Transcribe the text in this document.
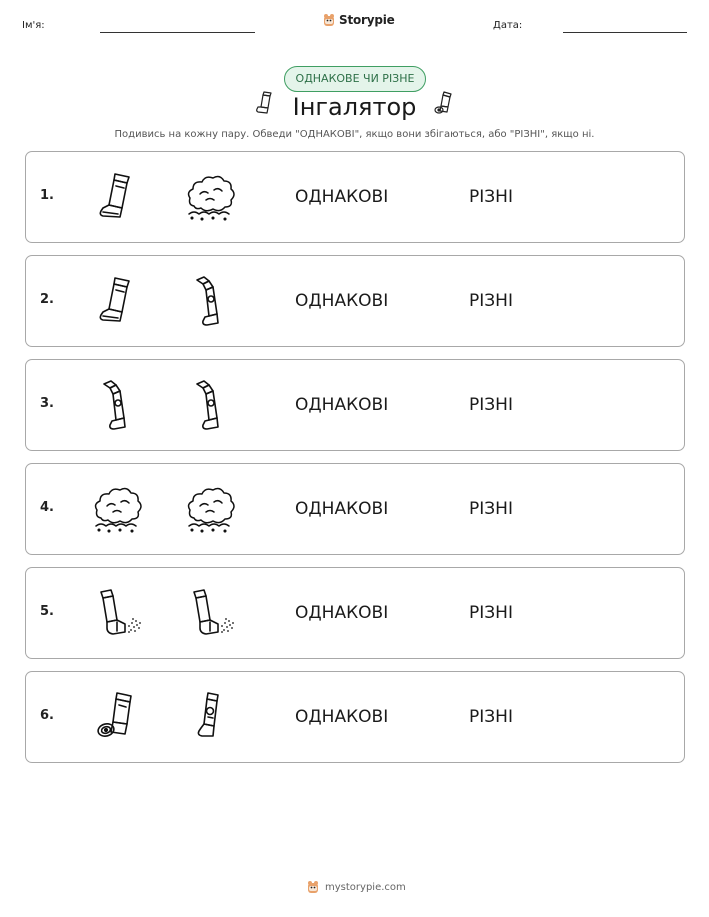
Ім'я:	Storypie	Дата:
ОДНАКОВЕ ЧИ РІЗНЕ
Інгалятор
Подивись на кожну пару. Обведи "ОДНАКОВІ", якщо вони збігаються, або "РІЗНІ", якщо ні.
1.	ОДНАКОВІ	РІЗНІ
2.	ОДНАКОВІ	РІЗНІ
3.	ОДНАКОВІ	РІЗНІ
4.	ОДНАКОВІ	РІЗНІ
5.	ОДНАКОВІ	РІЗНІ
6.	ОДНАКОВІ	РІЗНІ
mystorypie.com
